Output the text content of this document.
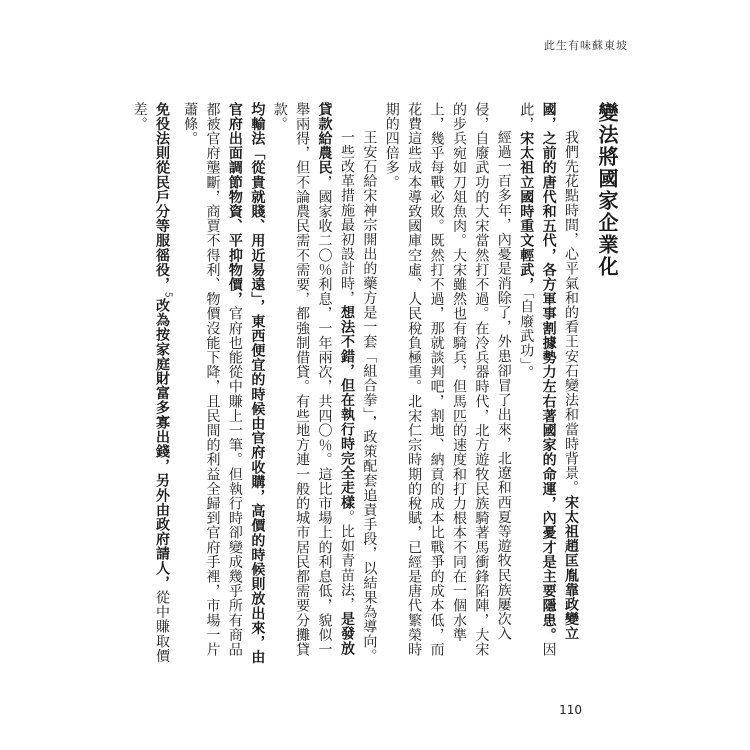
此生有味蘇東坡
變法將國家企業化

我們先花點時間，心平氣和的看王安石變法和當時背景。宋太祖趙匡胤靠政變立國，之前的唐代和五代，各方軍事割據勢力左右著國家的命運，內憂才是主要隱患。因此，宋太祖立國時重文輕武，「自廢武功」。

經過一百多年，內憂是消除了，外患卻冒了出來，北遼和西夏等遊牧民族屢次入侵，自廢武功的大宋當然打不過。在冷兵器時代，北方遊牧民族騎著馬衝鋒陷陣，大宋的步兵宛如刀俎魚肉。大宋雖然也有騎兵，但馬匹的速度和打力根本不同在一個水準上，幾乎每戰必敗。既然打不過，那就談判吧，割地、納貢的成本比戰爭的成本低，而花費這些成本導致國庫空虛、人民稅負極重。北宋仁宗時期的稅賦，已經是唐代繁榮時期的四倍多。

王安石給宋神宗開出的藥方是一套「組合拳」，政策配套追責手段，以結果為導向。

一些改革措施最初設計時，想法不錯，但在執行時完全走樣。比如青苗法，是發放貸款給農民，國家收二〇％利息，一年兩次，共四〇％。這比市場上的利息低，貌似一舉兩得，但不論農民需不需要，都強制借貸。有些地方連一般的城市居民都需要分攤貸款。

均輸法「從貴就賤、用近易遠」，東西便宜的時候由官府收購，高價的時候則放出來，由官府出面調節物資、平抑物價，官府也能從中賺上一筆。但執行時卻變成幾乎所有商品都被官府壟斷，商賈不得利、物價沒能下降，且民間的利益全歸到官府手裡，市場一片蕭條。

免役法則從民戶分等服徭役，$^5$改為按家庭財富多寡出錢，另外由政府請人，從中賺取價差。

110
